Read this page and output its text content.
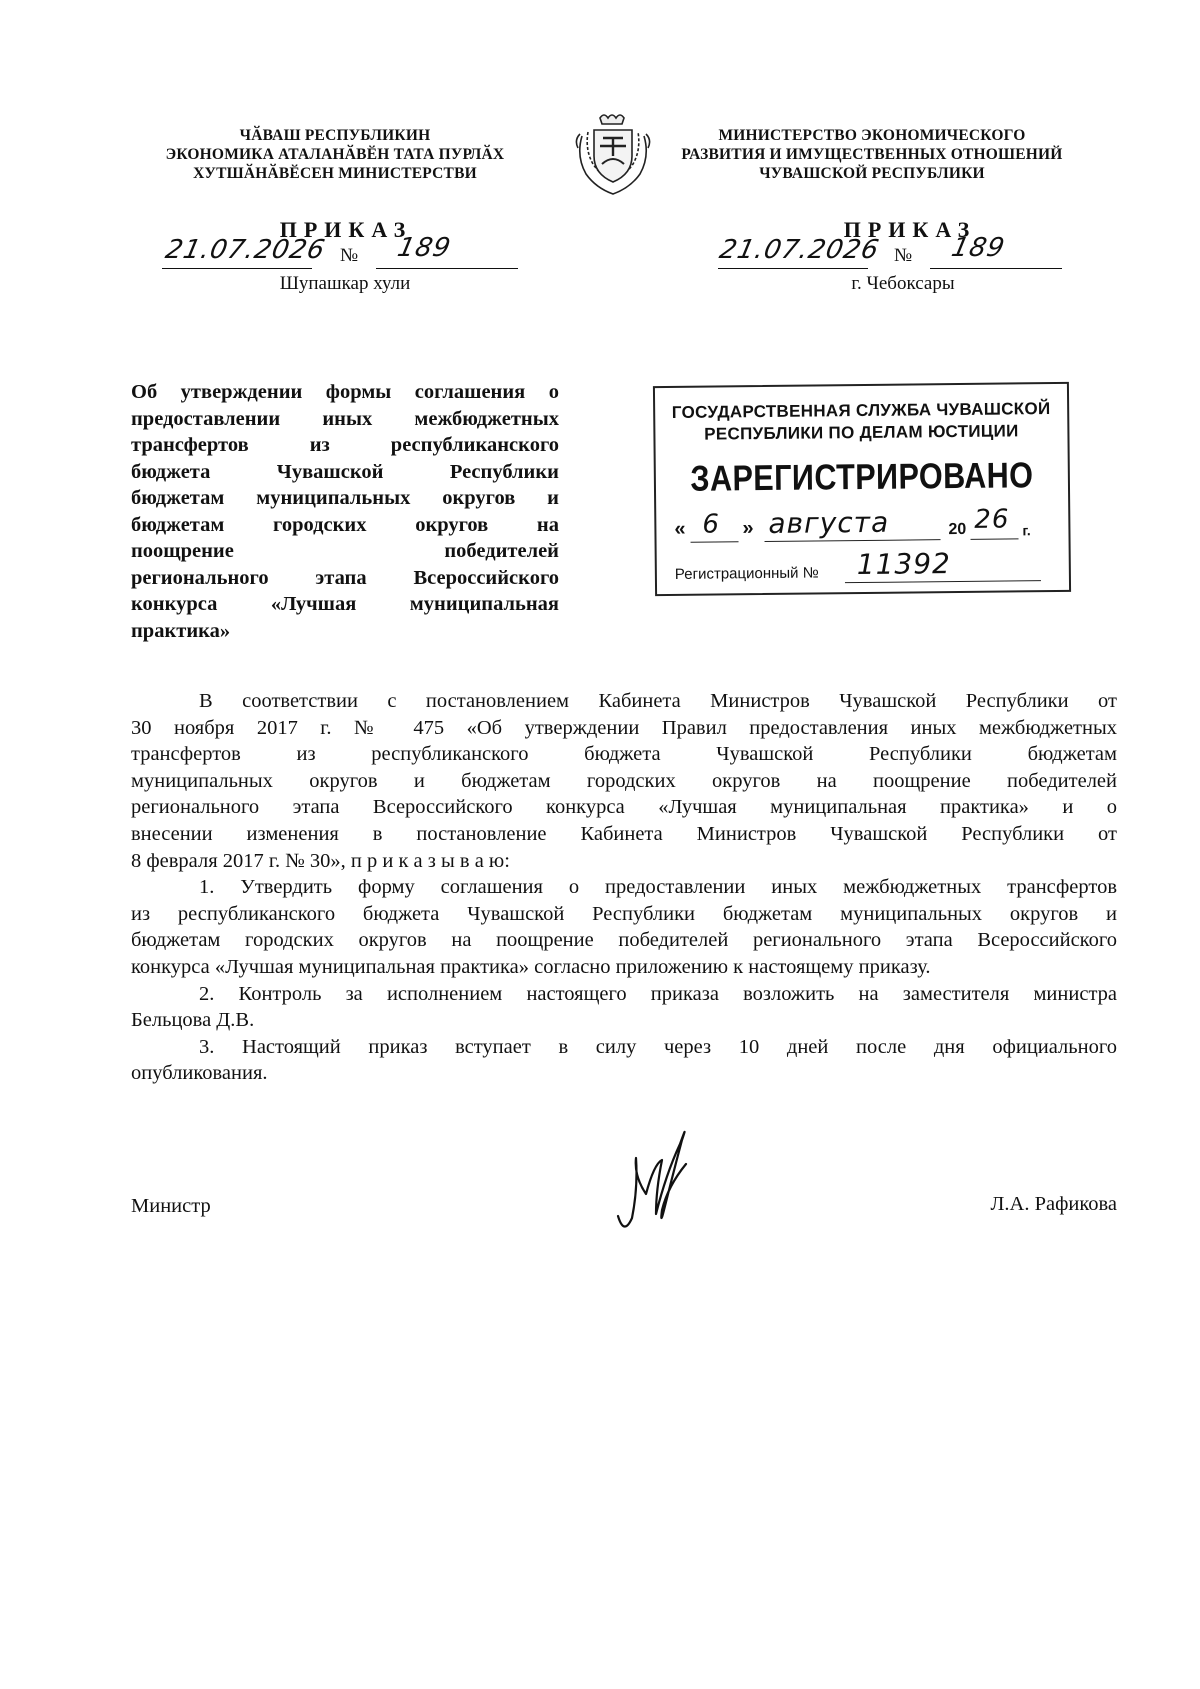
ЧӐВАШ РЕСПУБЛИКИН
ЭКОНОМИКА АТАЛАНӐВӖН ТАТА ПУРЛӐХ
ХУТШӐНӐВӖСЕН МИНИСТЕРСТВИ
МИНИСТЕРСТВО ЭКОНОМИЧЕСКОГО
РАЗВИТИЯ И ИМУЩЕСТВЕННЫХ ОТНОШЕНИЙ
ЧУВАШСКОЙ РЕСПУБЛИКИ
ПРИКАЗ
21.07.2026 № 189
Шупашкар хули
ПРИКАЗ
21.07.2026 № 189
г. Чебоксары
Об утверждении формы соглашения о
предоставлении иных межбюджетных
трансфертов из республиканского
бюджета Чувашской Республики
бюджетам муниципальных округов и
бюджетам городских округов на
поощрение победителей
регионального этапа Всероссийского
конкурса «Лучшая муниципальная
практика»
ГОСУДАРСТВЕННАЯ СЛУЖБА ЧУВАШСКОЙ
РЕСПУБЛИКИ ПО ДЕЛАМ ЮСТИЦИИ
ЗАРЕГИСТРИРОВАНО
« 6 » августа	20 26 г.
Регистрационный № 11392
В соответствии с постановлением Кабинета Министров Чувашской Республики от
30 ноября 2017 г. № 475 «Об утверждении Правил предоставления иных межбюджетных
трансфертов из республиканского бюджета Чувашской Республики бюджетам
муниципальных округов и бюджетам городских округов на поощрение победителей
регионального этапа Всероссийского конкурса «Лучшая муниципальная практика» и о
внесении изменения в постановление Кабинета Министров Чувашской Республики от
8 февраля 2017 г. № 30», п р и к а з ы в а ю:
1. Утвердить форму соглашения о предоставлении иных межбюджетных трансфертов
из республиканского бюджета Чувашской Республики бюджетам муниципальных округов и
бюджетам городских округов на поощрение победителей регионального этапа Всероссийского
конкурса «Лучшая муниципальная практика» согласно приложению к настоящему приказу.
2. Контроль за исполнением настоящего приказа возложить на заместителя министра
Бельцова Д.В.
3. Настоящий приказ вступает в силу через 10 дней после дня официального
опубликования.
Министр	Л.А. Рафикова
